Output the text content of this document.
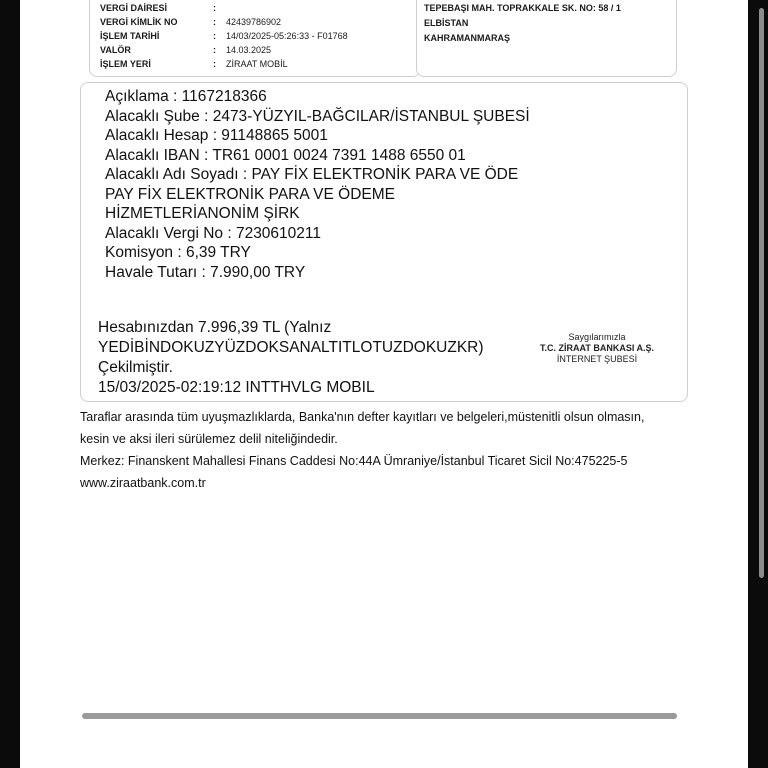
VERGİ DAİRESİ	:
VERGİ KİMLİK NO	: 42439786902
İŞLEM TARİHİ	: 14/03/2025-05:26:33 - F01768
VALÖR	: 14.03.2025
İŞLEM YERİ	: ZİRAAT MOBİL
TEPEBAŞI MAH. TOPRAKKALE SK. NO: 58 / 1
ELBİSTAN
KAHRAMANMARAŞ
Açıklama : 1167218366
Alacaklı Şube : 2473-YÜZYIL-BAĞCILAR/İSTANBUL ŞUBESİ
Alacaklı Hesap : 91148865 5001
Alacaklı IBAN : TR61 0001 0024 7391 1488 6550 01
Alacaklı Adı Soyadı : PAY FİX ELEKTRONİK PARA VE ÖDE
PAY FİX ELEKTRONİK PARA VE ÖDEME
HİZMETLERİANONİM ŞİRK
Alacaklı Vergi No : 7230610211
Komisyon : 6,39 TRY
Havale Tutarı : 7.990,00 TRY
Hesabınızdan 7.996,39 TL (Yalnız
YEDİBİNDOKUZYÜZDOKSANALTITLOTUZDOKUZKR)
Çekilmiştir.
15/03/2025-02:19:12 INTTHVLG MOBIL
Saygılarımızla
T.C. ZİRAAT BANKASI A.Ş.
İNTERNET ŞUBESİ
Taraflar arasında tüm uyuşmazlıklarda, Banka'nın defter kayıtları ve belgeleri,müstenitli olsun olmasın,
kesin ve aksi ileri sürülemez delil niteliğindedir.
Merkez: Finanskent Mahallesi Finans Caddesi No:44A Ümraniye/İstanbul Ticaret Sicil No:475225-5
www.ziraatbank.com.tr
